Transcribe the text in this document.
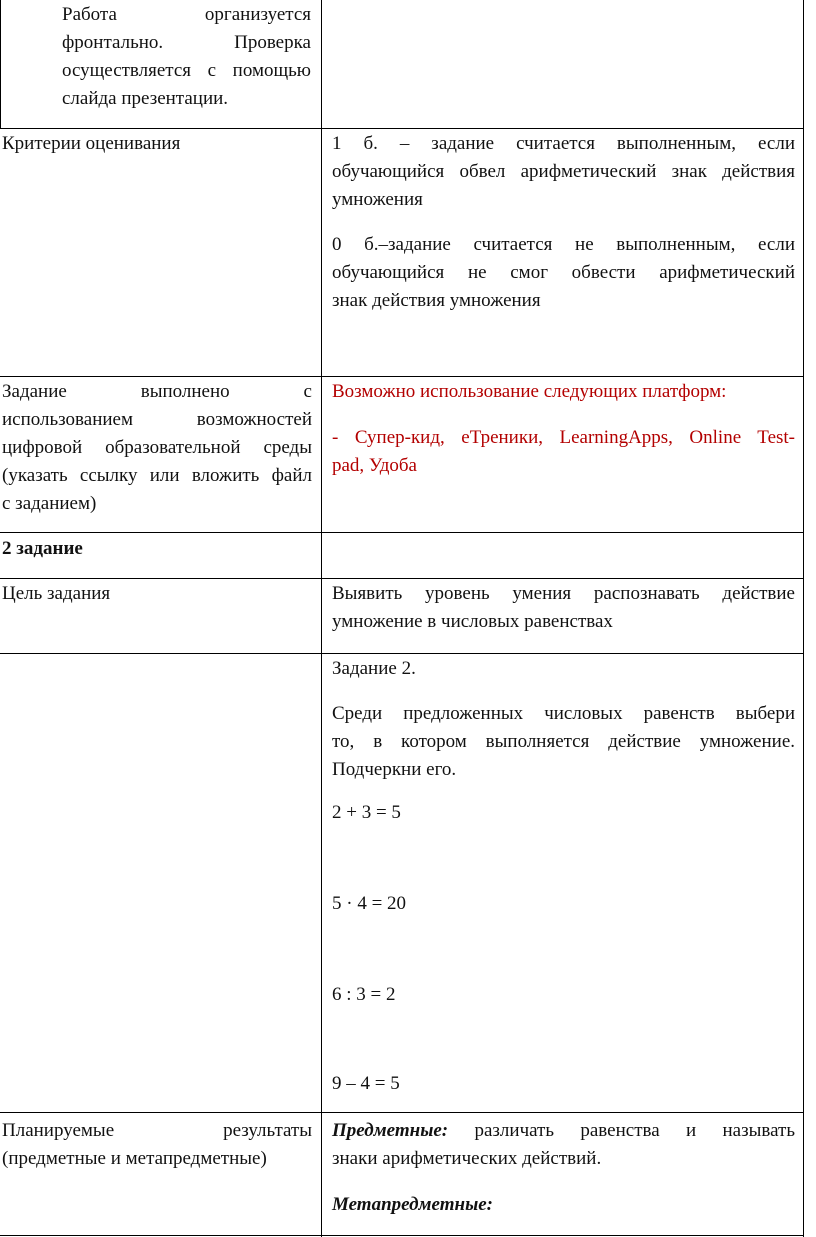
Работа организуется
фронтально. Проверка
осуществляется с помощью
слайда презентации.
Критерии оценивания	1 б. – задание считается выполненным, если
обучающийся обвел арифметический знак действия
умножения
0 б.–задание считается не выполненным, если
обучающийся не смог обвести арифметический
знак действия умножения
Задание выполнено с
использованием возможностей
цифровой образовательной среды
(указать ссылку или вложить файл
с заданием)
Возможно использование следующих платформ:
- Супер-кид, еТреники, LearningApps, Online Test-
pad, Удоба
2 задание
Цель задания	Выявить уровень умения распознавать действие
умножение в числовых равенствах
Задание 2.
Среди предложенных числовых равенств выбери
то, в котором выполняется действие умножение.
Подчеркни его.
2 + 3 = 5
5 · 4 = 20
6 : 3 = 2
9 – 4 = 5
Планируемые результаты
(предметные и метапредметные)
Предметные: различать равенства и называть
знаки арифметических действий.
Метапредметные:
